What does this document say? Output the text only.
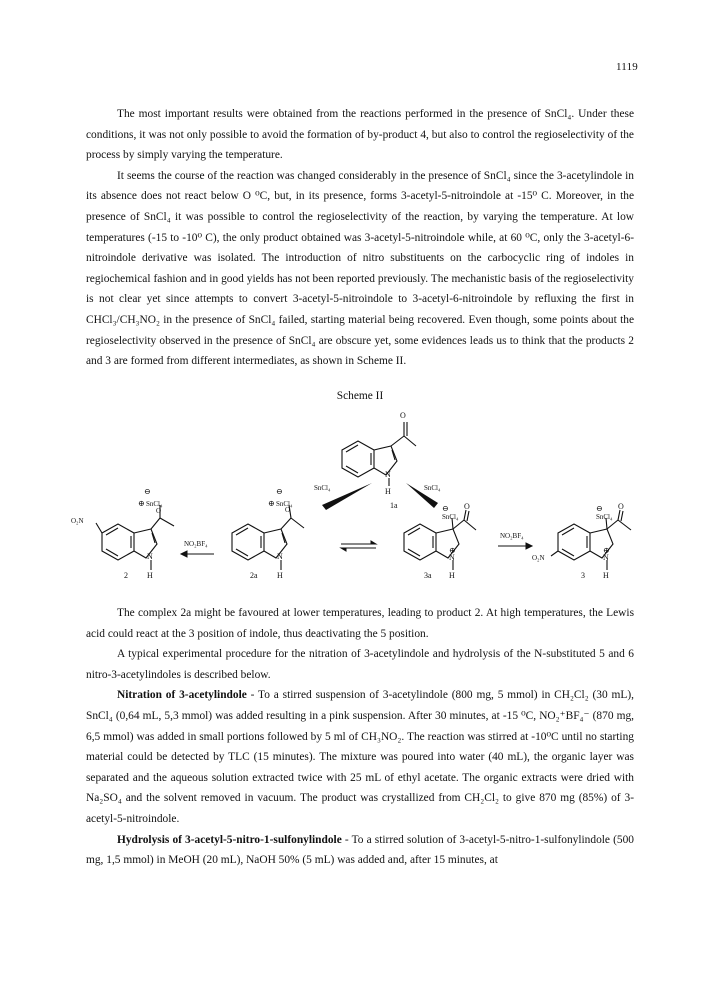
1119

The most important results were obtained from the reactions performed in the presence of SnCl₄. Under these conditions, it was not only possible to avoid the formation of by-product 4, but also to control the regioselectivity of the process by simply varying the temperature.

It seems the course of the reaction was changed considerably in the presence of SnCl₄ since the 3-acetylindole in its absence does not react below O ⁰C, but, in its presence, forms 3-acetyl-5-nitroindole at -15⁰ C. Moreover, in the presence of SnCl₄ it was possible to control the regioselectivity of the reaction, by varying the temperature. At low temperatures (-15 to -10⁰ C), the only product obtained was 3-acetyl-5-nitroindole while, at 60 ⁰C, only the 3-acetyl-6-nitroindole derivative was isolated. The introduction of nitro substituents on the carbocyclic ring of indoles in regiochemical fashion and in good yields has not been reported previously. The mechanistic basis of the regioselectivity is not clear yet since attempts to convert 3-acetyl-5-nitroindole to 3-acetyl-6-nitroindole by refluxing the first in CHCl₃/CH₃NO₂ in the presence of SnCl₄ failed, starting material being recovered. Even though, some points about the regioselectivity observed in the presence of SnCl₄ are obscure yet, some evidences leads us to think that the products 2 and 3 are formed from different intermediates, as shown in Scheme II.

Scheme II
O
N
H
1a
SnCl₄	SnCl₄
⊖
⊕ SnCl₄
O
O₂N
N
H
2
NO₂BF₄
⊖
⊕ SnCl₄
O
N
H
2a
⊖ O
SnCl₄
⊕
N
H
3a
NO₂BF₄
⊖ O
SnCl₄
⊕
N
H
3
O₂N

The complex 2a might be favoured at lower temperatures, leading to product 2. At high temperatures, the Lewis acid could react at the 3 position of indole, thus deactivating the 5 position.

A typical experimental procedure for the nitration of 3-acetylindole and hydrolysis of the N-substituted 5 and 6 nitro-3-acetylindoles is described below.

Nitration of 3-acetylindole - To a stirred suspension of 3-acetylindole (800 mg, 5 mmol) in CH₂Cl₂ (30 mL), SnCl₄ (0,64 mL, 5,3 mmol) was added resulting in a pink suspension. After 30 minutes, at -15 ⁰C, NO₂⁺BF₄⁻ (870 mg, 6,5 mmol) was added in small portions followed by 5 ml of CH₃NO₂. The reaction was stirred at -10⁰C until no starting material could be detected by TLC (15 minutes). The mixture was poured into water (40 mL), the organic layer was separated and the aqueous solution extracted twice with 25 mL of ethyl acetate. The organic extracts were dried with Na₂SO₄ and the solvent removed in vacuum. The product was crystallized from CH₂Cl₂ to give 870 mg (85%) of 3-acetyl-5-nitroindole.

Hydrolysis of 3-acetyl-5-nitro-1-sulfonylindole - To a stirred solution of 3-acetyl-5-nitro-1-sulfonylindole (500 mg, 1,5 mmol) in MeOH (20 mL), NaOH 50% (5 mL) was added and, after 15 minutes, at
